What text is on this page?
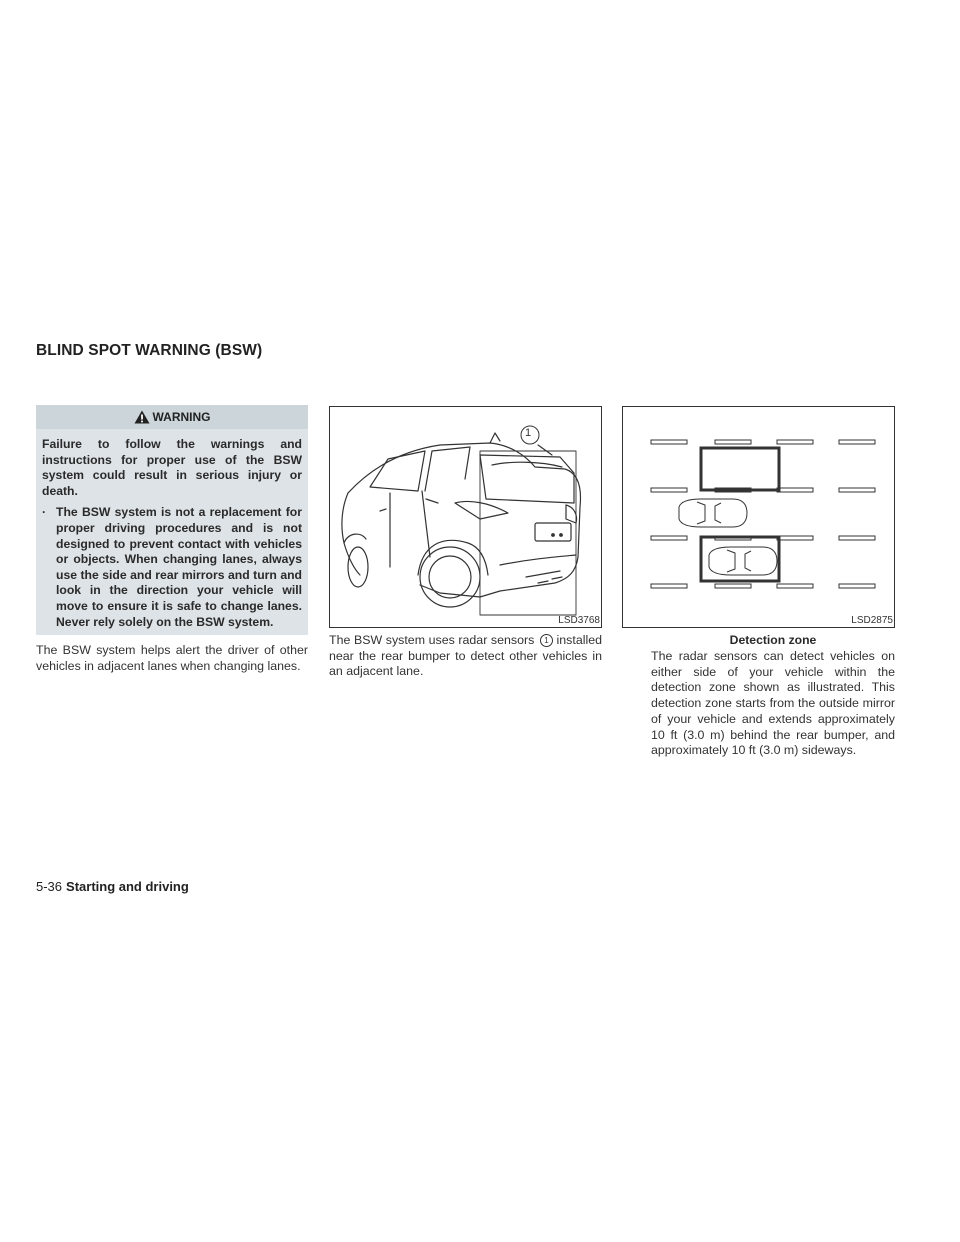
BLIND SPOT WARNING (BSW)
WARNING

Failure to follow the warnings and instructions for proper use of the BSW system could result in serious injury or death.

· The BSW system is not a replacement for proper driving procedures and is not designed to prevent contact with vehicles or objects. When changing lanes, always use the side and rear mirrors and turn and look in the direction your vehicle will move to ensure it is safe to change lanes. Never rely solely on the BSW system.

The BSW system helps alert the driver of other vehicles in adjacent lanes when changing lanes.

1
LSD3768

The BSW system uses radar sensors 1 installed near the rear bumper to detect other vehicles in an adjacent lane.

LSD2875

Detection zone

The radar sensors can detect vehicles on either side of your vehicle within the detection zone shown as illustrated. This detection zone starts from the outside mirror of your vehicle and extends approximately 10 ft (3.0 m) behind the rear bumper, and approximately 10 ft (3.0 m) sideways.

5-36 Starting and driving
